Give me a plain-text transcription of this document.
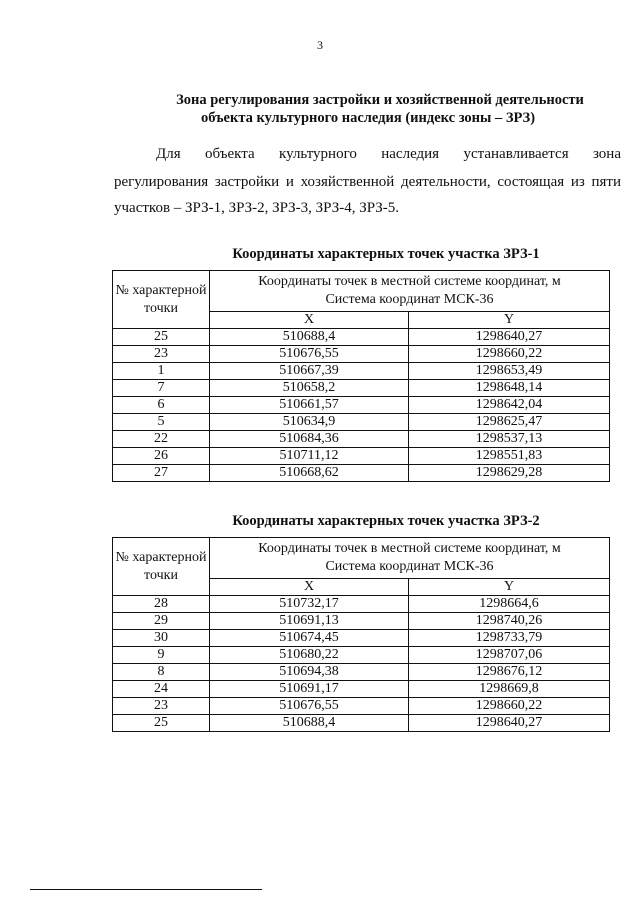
3
Зона регулирования застройки и хозяйственной деятельности
объекта культурного наследия (индекс зоны – ЗРЗ)
Для объекта культурного наследия устанавливается зона
регулирования застройки и хозяйственной деятельности, состоящая из пяти
участков – ЗРЗ-1, ЗРЗ-2, ЗРЗ-3, ЗРЗ-4, ЗРЗ-5.
Координаты характерных точек участка ЗРЗ-1
№ характерной точки	Координаты точек в местной системе координат, м
Система координат МСК-36	

	X	Y
25	510688,4	1298640,27
23	510676,55	1298660,22
1	510667,39	1298653,49
7	510658,2	1298648,14
6	510661,57	1298642,04
5	510634,9	1298625,47
22	510684,36	1298537,13
26	510711,12	1298551,83
27	510668,62	1298629,28
Координаты характерных точек участка ЗРЗ-2
№ характерной точки	Координаты точек в местной системе координат, м
Система координат МСК-36	

	X	Y
28	510732,17	1298664,6
29	510691,13	1298740,26
30	510674,45	1298733,79
9	510680,22	1298707,06
8	510694,38	1298676,12
24	510691,17	1298669,8
23	510676,55	1298660,22
25	510688,4	1298640,27
